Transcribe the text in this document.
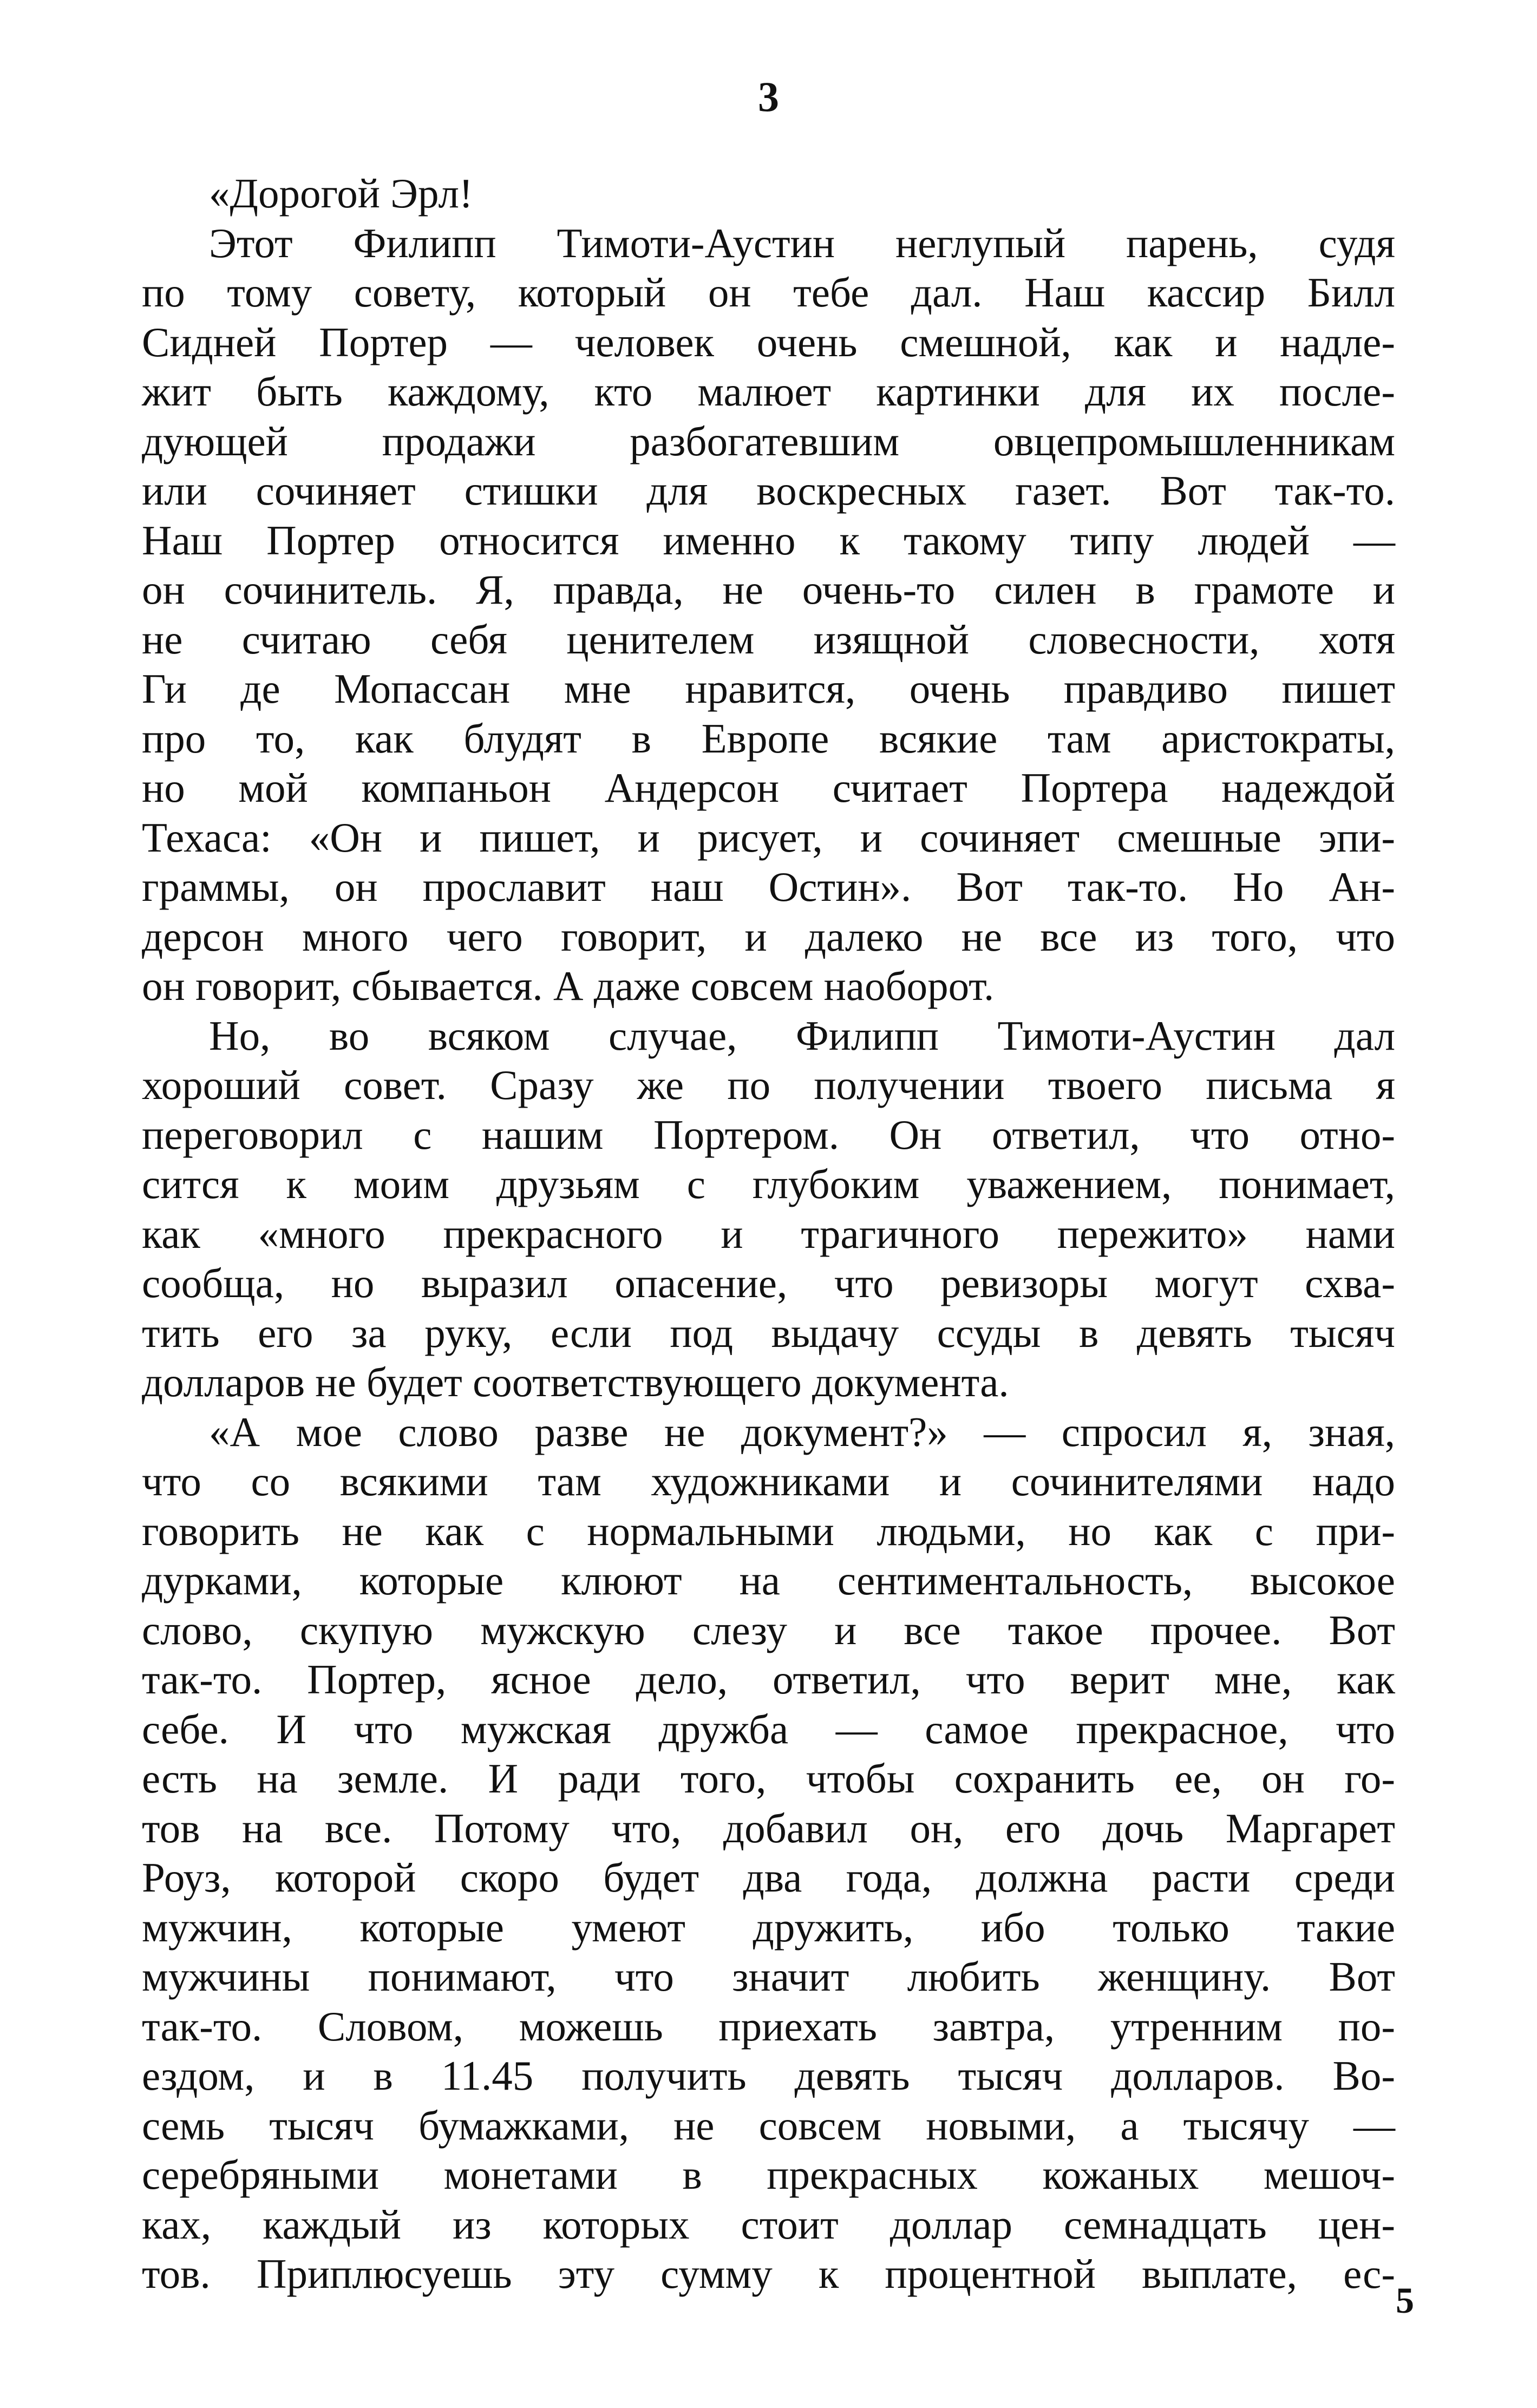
3

«Дорогой Эрл!

Этот Филипп Тимоти-Аустин неглупый парень, судя
по тому совету, который он тебе дал. Наш кассир Билл
Сидней Портер — человек очень смешной, как и надле-
жит быть каждому, кто малюет картинки для их после-
дующей продажи разбогатевшим овцепромышленникам
или сочиняет стишки для воскресных газет. Вот так-то.
Наш Портер относится именно к такому типу людей —
он сочинитель. Я, правда, не очень-то силен в грамоте и
не считаю себя ценителем изящной словесности, хотя
Ги де Мопассан мне нравится, очень правдиво пишет
про то, как блудят в Европе всякие там аристократы,
но мой компаньон Андерсон считает Портера надеждой
Техаса: «Он и пишет, и рисует, и сочиняет смешные эпи-
граммы, он прославит наш Остин». Вот так-то. Но Ан-
дерсон много чего говорит, и далеко не все из того, что
он говорит, сбывается. А даже совсем наоборот.

Но, во всяком случае, Филипп Тимоти-Аустин дал
хороший совет. Сразу же по получении твоего письма я
переговорил с нашим Портером. Он ответил, что отно-
сится к моим друзьям с глубоким уважением, понимает,
как «много прекрасного и трагичного пережито» нами
сообща, но выразил опасение, что ревизоры могут схва-
тить его за руку, если под выдачу ссуды в девять тысяч
долларов не будет соответствующего документа.

«А мое слово разве не документ?» — спросил я, зная,
что со всякими там художниками и сочинителями надо
говорить не как с нормальными людьми, но как с при-
дурками, которые клюют на сентиментальность, высокое
слово, скупую мужскую слезу и все такое прочее. Вот
так-то. Портер, ясное дело, ответил, что верит мне, как
себе. И что мужская дружба — самое прекрасное, что
есть на земле. И ради того, чтобы сохранить ее, он го-
тов на все. Потому что, добавил он, его дочь Маргарет
Роуз, которой скоро будет два года, должна расти среди
мужчин, которые умеют дружить, ибо только такие
мужчины понимают, что значит любить женщину. Вот
так-то. Словом, можешь приехать завтра, утренним по-
ездом, и в 11.45 получить девять тысяч долларов. Во-
семь тысяч бумажками, не совсем новыми, а тысячу —
серебряными монетами в прекрасных кожаных мешоч-
ках, каждый из которых стоит доллар семнадцать цен-
тов. Приплюсуешь эту сумму к процентной выплате, ес-

5
